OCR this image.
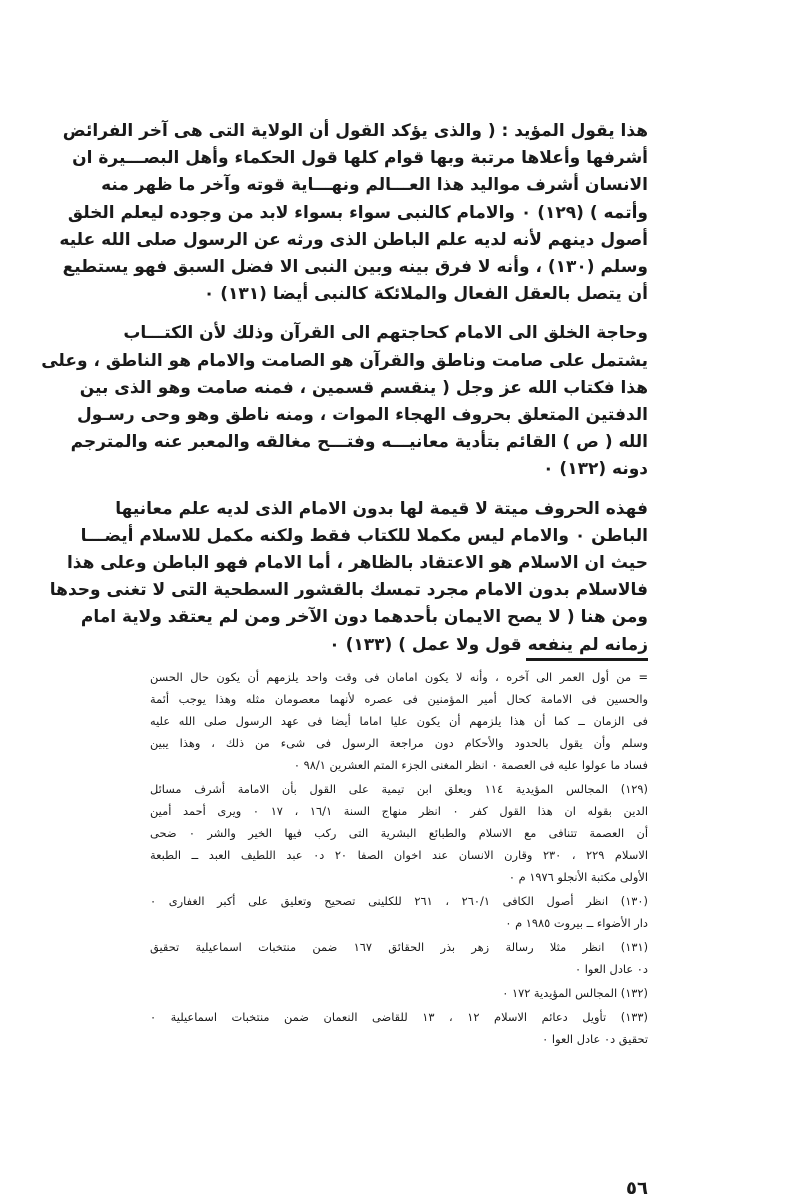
هذا يقول المؤيد : ( والذى يؤكد القول أن الولاية التى هى آخر الفرائض
أشرفها وأعلاها مرتبة وبها قوام كلها قول الحكماء وأهل البصـــيرة ان
الانسان أشرف مواليد هذا العـــالم ونهـــاية قوته وآخر ما ظهر منه
وأتمه ) (١٢٩) ٠ والامام كالنبى سواء بسواء لابد من وجوده ليعلم الخلق
أصول دينهم لأنه لديه علم الباطن الذى ورثه عن الرسول صلى الله عليه
وسلم (١٣٠) ، وأنه لا فرق بينه وبين النبى الا فضل السبق فهو يستطيع
أن يتصل بالعقل الفعال والملائكة كالنبى أيضا (١٣١) ٠

وحاجة الخلق الى الامام كحاجتهم الى القرآن وذلك لأن الكتـــاب
يشتمل على صامت وناطق والقرآن هو الصامت والامام هو الناطق ، وعلى
هذا فكتاب الله عز وجل ( ينقسم قسمين ، فمنه صامت وهو الذى بين
الدفتين المتعلق بحروف الهجاء الموات ، ومنه ناطق وهو وحى رسـول
الله ( ص ) القائم بتأدية معانيـــه وفتـــح مغالقه والمعبر عنه والمترجم
دونه (١٣٢) ٠

فهذه الحروف ميتة لا قيمة لها بدون الامام الذى لديه علم معانيها
الباطن ٠ والامام ليس مكملا للكتاب فقط ولكنه مكمل للاسلام أيضـــا
حيث ان الاسلام هو الاعتقاد بالظاهر ، أما الامام فهو الباطن وعلى هذا
فالاسلام بدون الامام مجرد تمسك بالقشور السطحية التى لا تغنى وحدها
ومن هنا ( لا يصح الايمان بأحدهما دون الآخر ومن لم يعتقد ولاية امام
زمانه لم ينفعه قول ولا عمل ) (١٣٣) ٠

= من أول العمر الى آخره ، وأنه لا يكون امامان فى وقت واحد يلزمهم أن يكون حال الحسن
والحسين فى الامامة كحال أمير المؤمنين فى عصره لأنهما معصومان مثله وهذا يوجب أئمة
فى الزمان ــ كما أن هذا يلزمهم أن يكون عليا اماما أيضا فى عهد الرسول صلى الله عليه
وسلم وأن يقول بالحدود والأحكام دون مراجعة الرسول فى شىء من ذلك ، وهذا يبين
فساد ما عولوا عليه فى العصمة ٠ انظر المغنى الجزء المتم العشرين ٩٨/١ ٠
(١٢٩) المجالس المؤيدية ١١٤ ويعلق ابن تيمية على القول بأن الامامة أشرف مسائل
الدين بقوله ان هذا القول كفر ٠ انظر منهاج السنة ١٦/١ ، ١٧ ٠ ويرى أحمد أمين
أن العصمة تتنافى مع الاسلام والطبائع البشرية التى ركب فيها الخير والشر ٠ ضحى
الاسلام ٢٢٩ ، ٢٣٠ وقارن الانسان عند اخوان الصفا ٢٠ د٠ عبد اللطيف العبد ــ الطبعة
الأولى مكتبة الأنجلو ١٩٧٦ م ٠
(١٣٠) انظر أصول الكافى ٢٦٠/١ ، ٢٦١ للكلينى تصحيح وتعليق على أكبر الغفارى ٠
دار الأضواء ــ بيروت ١٩٨٥ م ٠
(١٣١) انظر مثلا رسالة زهر بذر الحقائق ١٦٧ ضمن منتخبات اسماعيلية تحقيق
د٠ عادل العوا ٠
(١٣٢) المجالس المؤيدية ١٧٢ ٠
(١٣٣) تأويل دعائم الاسلام ١٢ ، ١٣ للقاضى النعمان ضمن منتخبات اسماعيلية ٠
تحقيق د٠ عادل العوا ٠
٥٦
